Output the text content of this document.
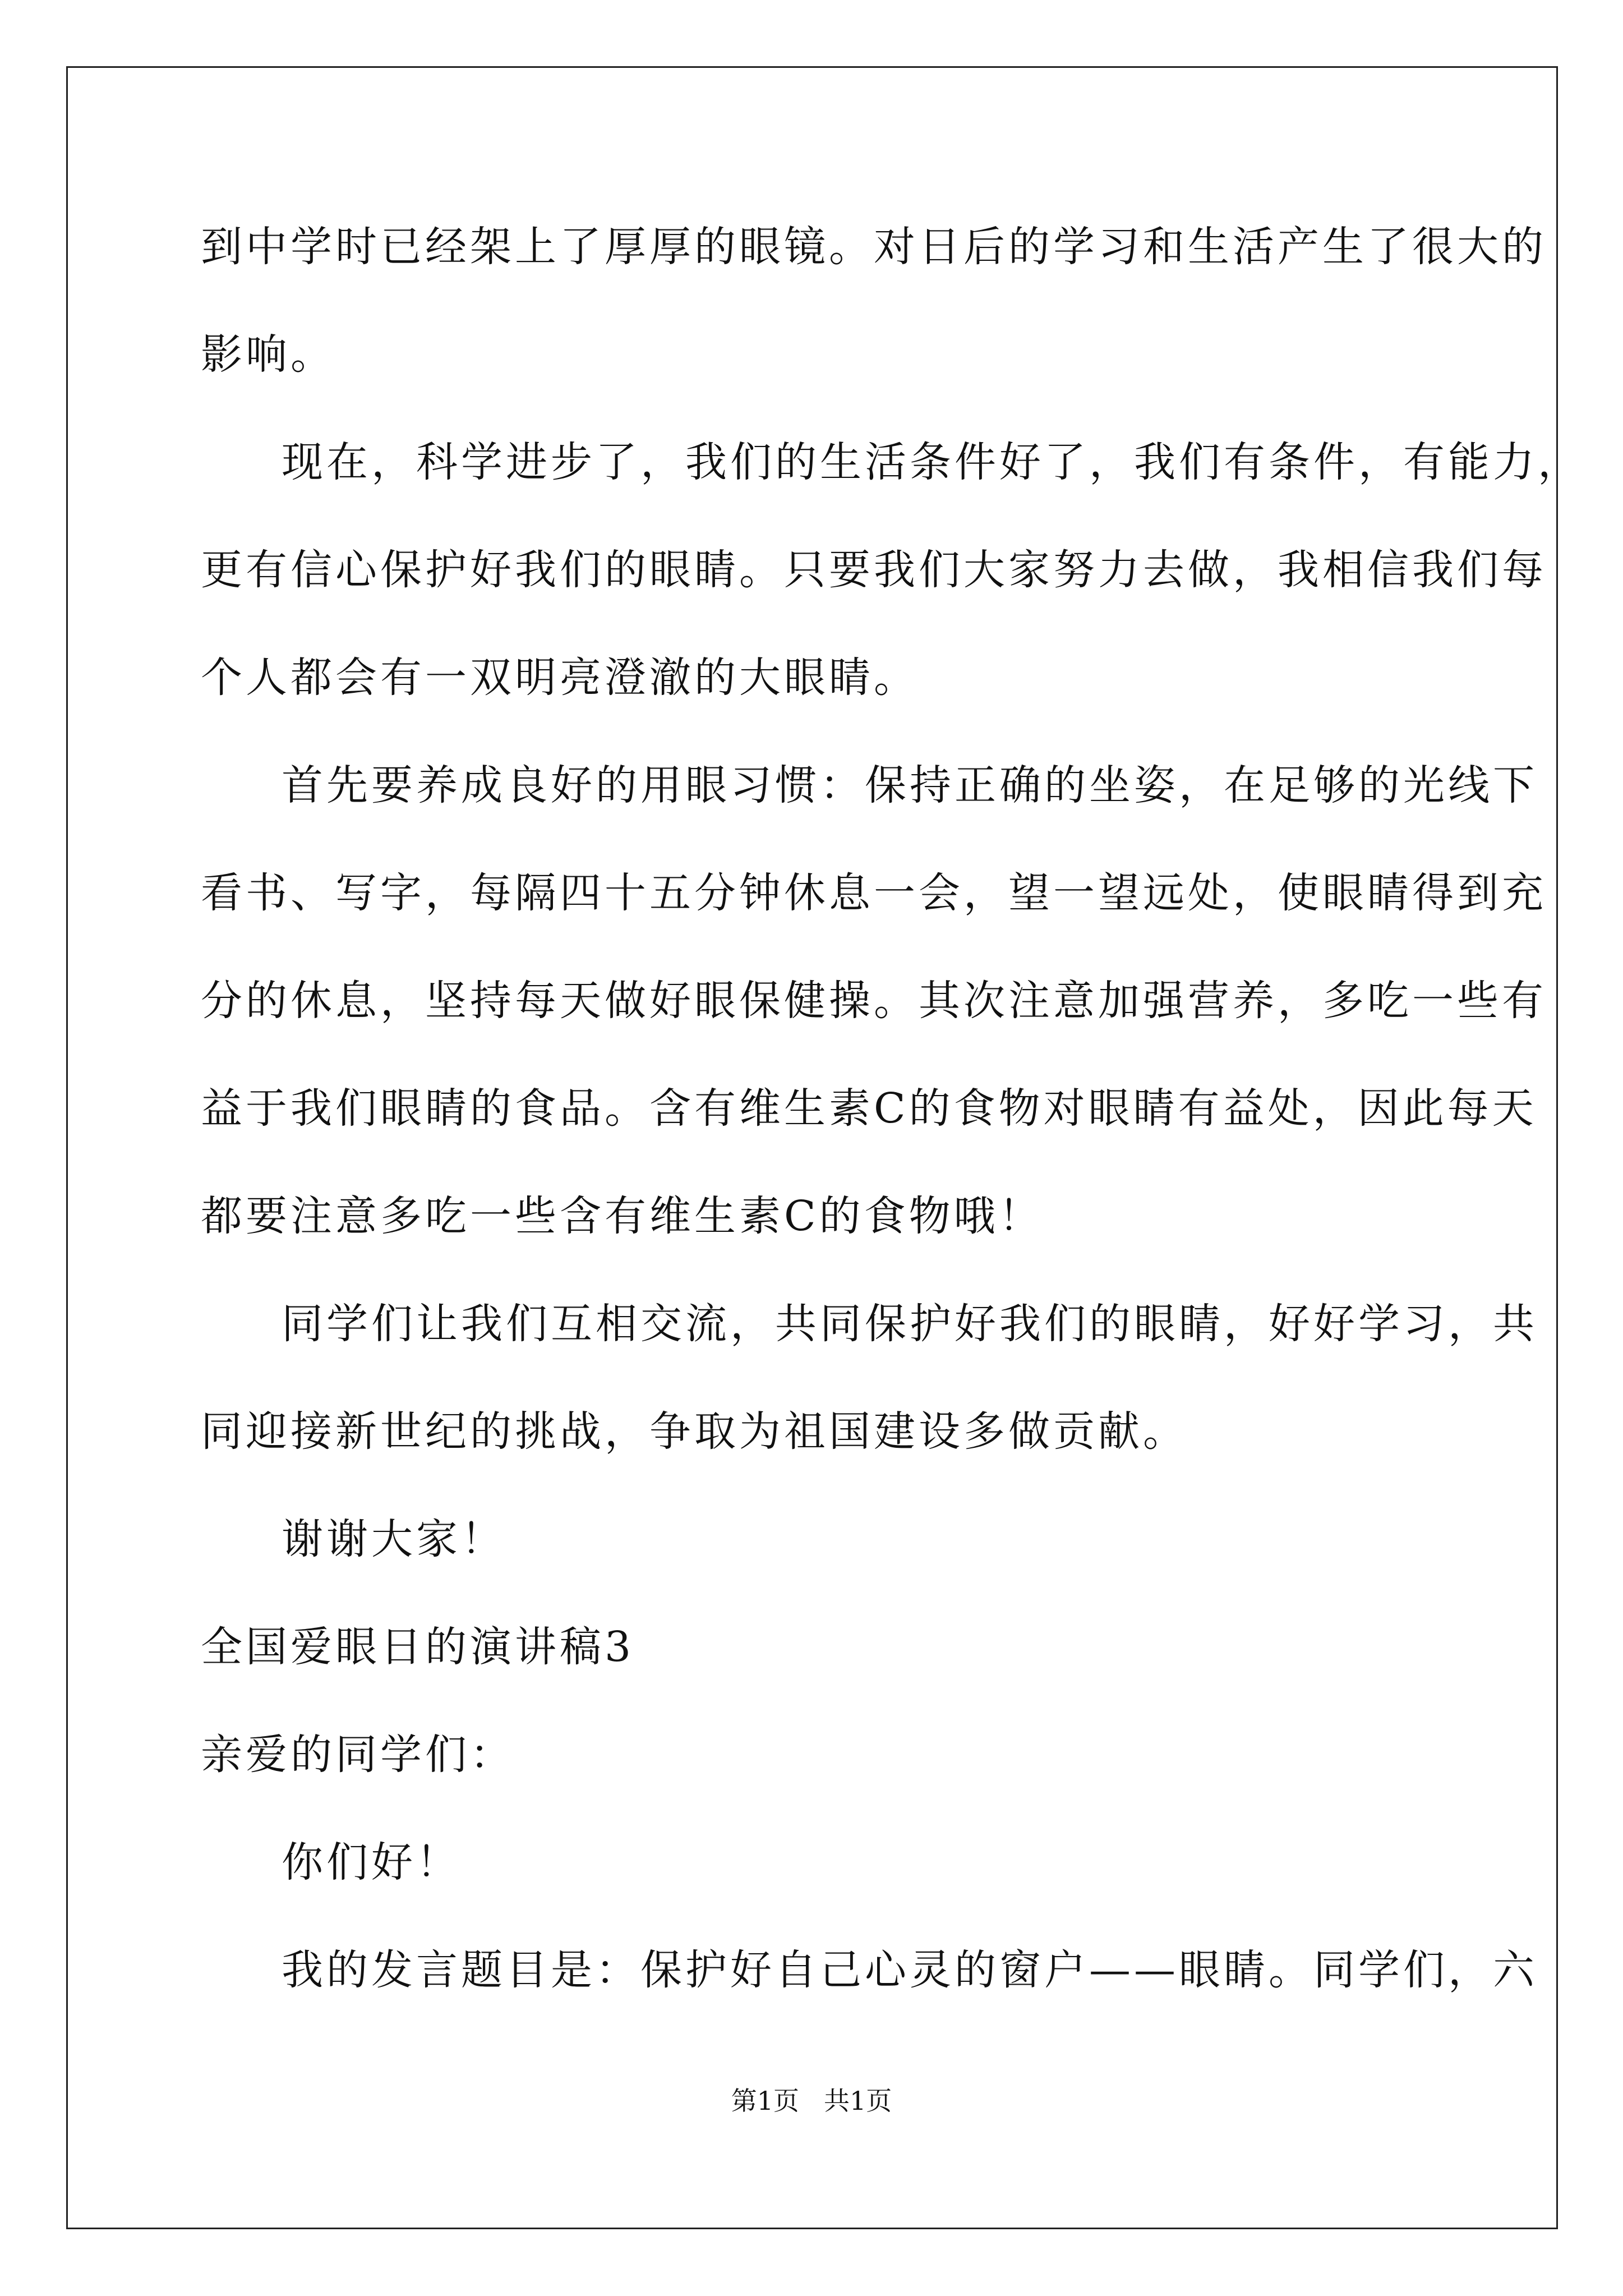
到中学时已经架上了厚厚的眼镜。对日后的学习和生活产生了很大的
影响。
现在，科学进步了，我们的生活条件好了，我们有条件，有能力，
更有信心保护好我们的眼睛。只要我们大家努力去做，我相信我们每
个人都会有一双明亮澄澈的大眼睛。
首先要养成良好的用眼习惯：保持正确的坐姿，在足够的光线下
看书、写字，每隔四十五分钟休息一会，望一望远处，使眼睛得到充
分的休息，坚持每天做好眼保健操。其次注意加强营养，多吃一些有
益于我们眼睛的食品。含有维生素C的食物对眼睛有益处，因此每天
都要注意多吃一些含有维生素C的食物哦！
同学们让我们互相交流，共同保护好我们的眼睛，好好学习，共
同迎接新世纪的挑战，争取为祖国建设多做贡献。
谢谢大家！
全国爱眼日的演讲稿3
亲爱的同学们：
你们好！
我的发言题目是：保护好自己心灵的窗户——眼睛。同学们，六
第1页 共1页
